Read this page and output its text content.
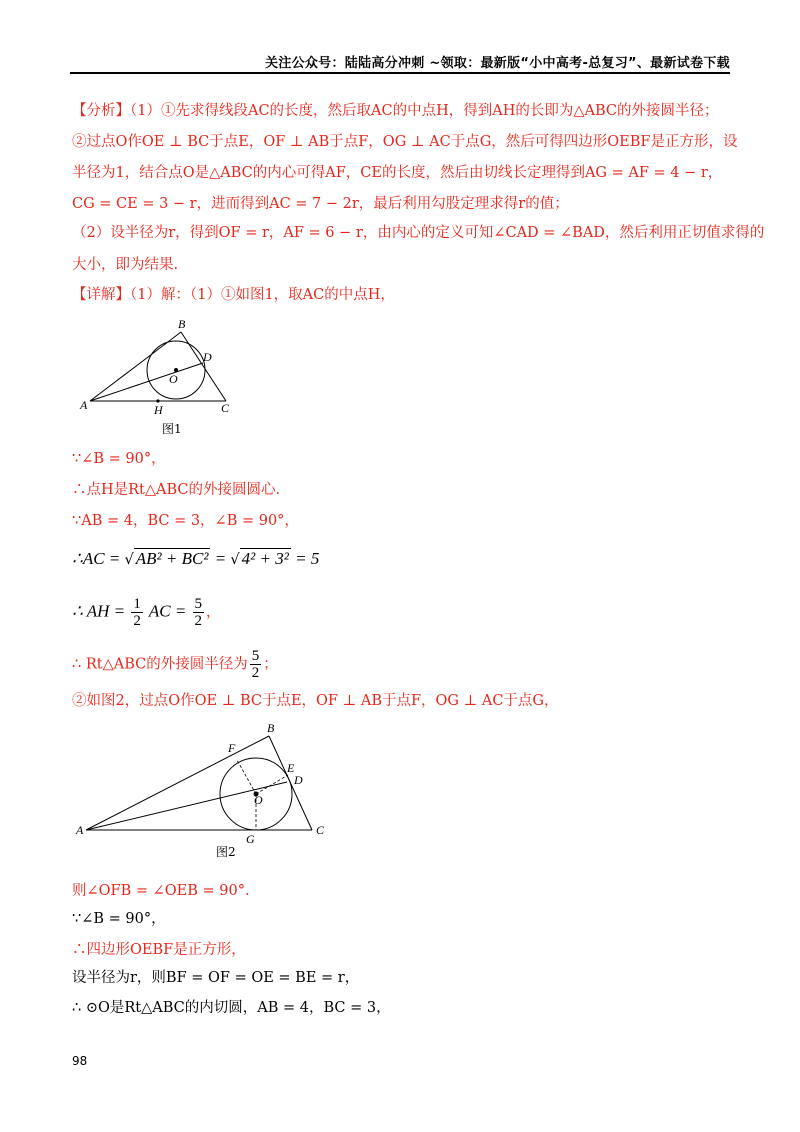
关注公众号：陆陆高分冲刺 ~领取：最新版“小中高考-总复习”、最新试卷下载
【分析】（1）①先求得线段AC的长度，然后取AC的中点H，得到AH的长即为△ABC的外接圆半径；
②过点O作OE ⊥ BC于点E，OF ⊥ AB于点F，OG ⊥ AC于点G，然后可得四边形OEBF是正方形，设
半径为1，结合点O是△ABC的内心可得AF，CE的长度，然后由切线长定理得到AG = AF = 4 − r，
CG = CE = 3 − r，进而得到AC = 7 − 2r，最后利用勾股定理求得r的值；
（2）设半径为r，得到OF = r，AF = 6 − r，由内心的定义可知∠CAD = ∠BAD，然后利用正切值求得的
大小，即为结果.
【详解】（1）解：（1）①如图1，取AC的中点H，
A
B
C
D
O
H
图1
∵∠B = 90°，
∴点H是Rt△ABC的外接圆圆心.
∵AB = 4，BC = 3，∠B = 90°，
∴AC = √ AB² + BC² = √ 4² + 3² = 5
∴ AH = $\frac{1}{2}$ AC = $\frac{5}{2}$ ，
∴ Rt△ABC的外接圆半径为 $\frac{5}{2}$ ；
②如图2，过点O作OE ⊥ BC于点E，OF ⊥ AB于点F，OG ⊥ AC于点G，
A
B
C
D
E
F
G
O
图2
则∠OFB = ∠OEB = 90°.
∵∠B = 90°，
∴四边形OEBF是正方形，
设半径为r，则BF = OF = OE = BE = r，
∴ ⊙O是Rt△ABC的内切圆，AB = 4，BC = 3，
98
